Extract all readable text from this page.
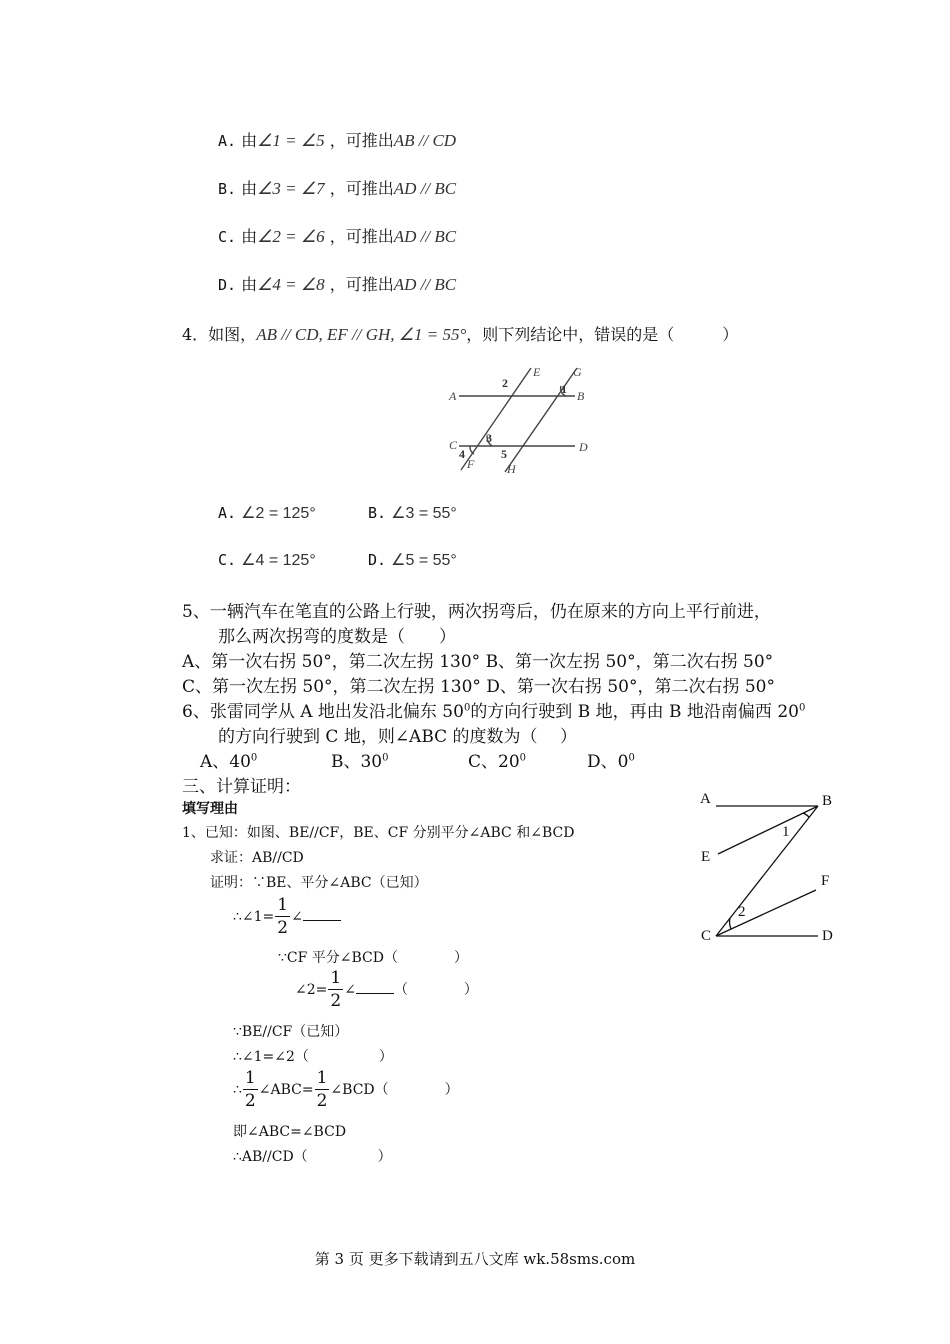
A. 由∠1 = ∠5 ，可推出AB // CD
B. 由∠3 = ∠7 ，可推出AD // BC
C. 由∠2 = ∠6 ，可推出AD // BC
D. 由∠4 = ∠8 ，可推出AD // BC
4．如图，AB // CD, EF // GH, ∠1 = 55°，则下列结论中，错误的是（　　　）
A	B
C	D
E
F
G
H
1
2
3
4	5
A. ∠2 = 125°	B. ∠3 = 55°
C. ∠4 = 125°	D. ∠5 = 55°
5、一辆汽车在笔直的公路上行驶，两次拐弯后，仍在原来的方向上平行前进，
那么两次拐弯的度数是（　　）
A、第一次右拐 50°，第二次左拐 130° B、第一次左拐 50°，第二次右拐 50°
C、第一次左拐 50°，第二次左拐 130° D、第一次右拐 50°，第二次右拐 50°
6、张雷同学从 A 地出发沿北偏东 $50^0$的方向行驶到 B 地，再由 B 地沿南偏西 $20^0$
的方向行驶到 C 地，则∠ABC 的度数为（　 ）
A、$40^0$	B、$30^0$	C、$20^0$	D、$0^0$
三、计算证明：
填写理由
1、已知：如图、BE//CF，BE、CF 分别平分∠ABC 和∠BCD
求证：AB//CD
证明：∵BE、平分∠ABC（已知）
∴∠1= $\frac{1}{2}$ ∠
∵CF 平分∠BCD（　　　　）
∠2= $\frac{1}{2}$ ∠	（　　　　）
∵BE//CF（已知）
∴∠1=∠2（　　　　　）
∴ $\frac{1}{2}$ ∠ABC= $\frac{1}{2}$ ∠BCD（　　　　）
即∠ABC=∠BCD
∴AB//CD（　　　　　）
A	B
E
F
C	D
1
2
第 3 页 更多下载请到五八文库 wk.58sms.com
